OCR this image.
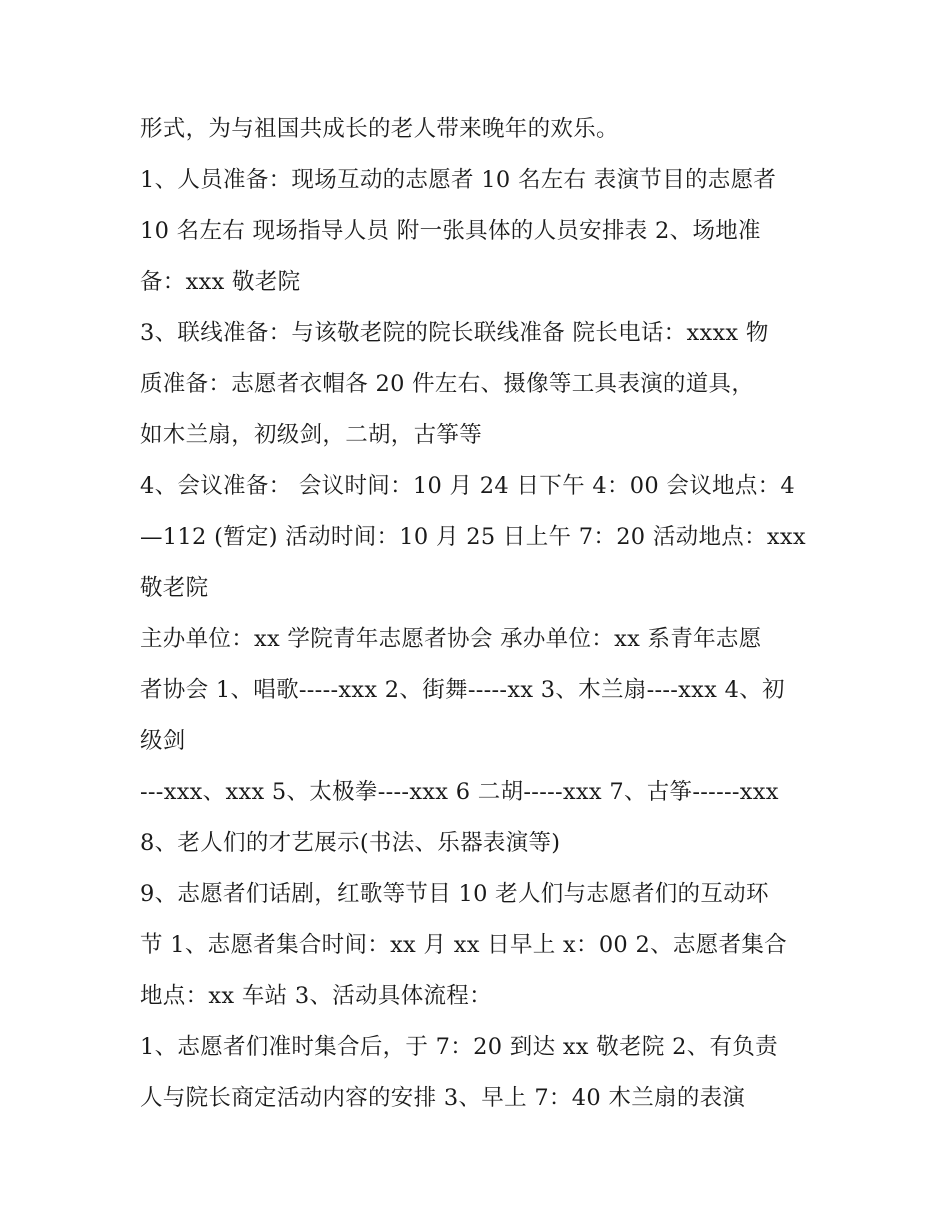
形式，为与祖国共成长的老人带来晚年的欢乐。
1、人员准备：现场互动的志愿者 10 名左右 表演节目的志愿者
10 名左右 现场指导人员 附一张具体的人员安排表 2、场地准
备：xxx 敬老院
3、联线准备：与该敬老院的院长联线准备 院长电话：xxxx 物
质准备：志愿者衣帽各 20 件左右、摄像等工具表演的道具，
如木兰扇，初级剑，二胡，古筝等
4、会议准备： 会议时间：10 月 24 日下午 4：00 会议地点：4
—112 (暂定) 活动时间：10 月 25 日上午 7：20 活动地点：xxx
敬老院
主办单位：xx 学院青年志愿者协会 承办单位：xx 系青年志愿
者协会 1、唱歌-----xxx 2、街舞-----xx 3、木兰扇----xxx 4、初
级剑
---xxx、xxx 5、太极拳----xxx 6 二胡-----xxx 7、古筝------xxx
8、老人们的才艺展示(书法、乐器表演等)
9、志愿者们话剧，红歌等节目 10 老人们与志愿者们的互动环
节 1、志愿者集合时间：xx 月 xx 日早上 x：00 2、志愿者集合
地点：xx 车站 3、活动具体流程：
1、志愿者们准时集合后，于 7：20 到达 xx 敬老院 2、有负责
人与院长商定活动内容的安排 3、早上 7：40 木兰扇的表演
